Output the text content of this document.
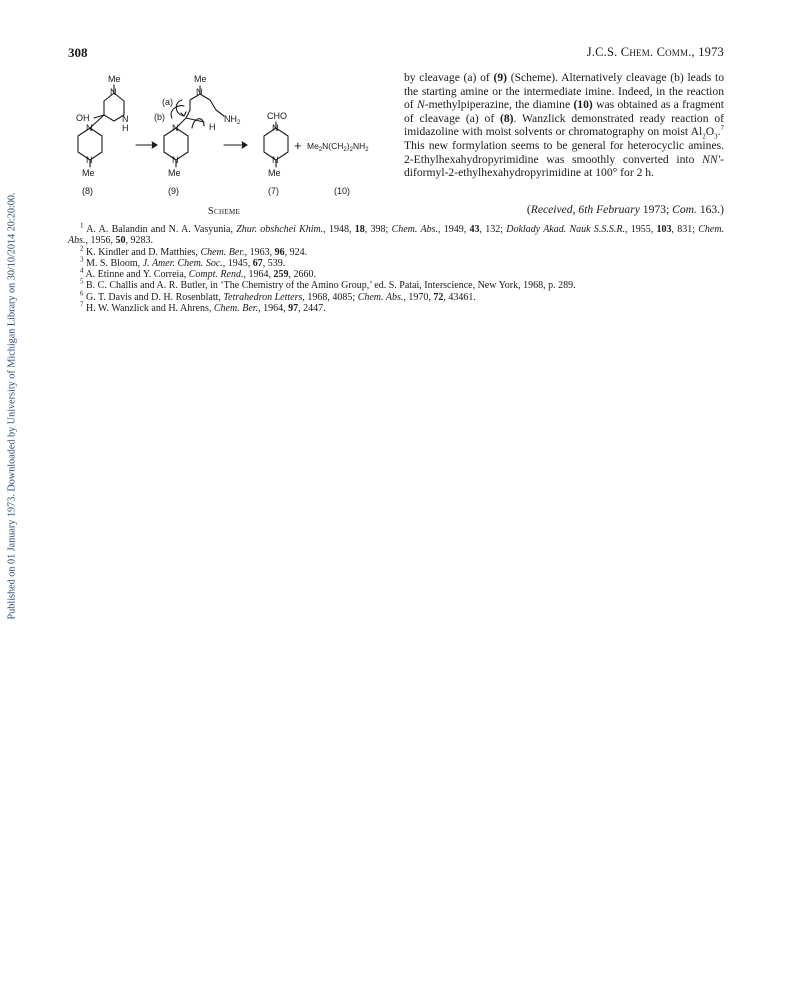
Published on 01 January 1973. Downloaded by University of Michigan Library on 30/10/2014 20:20:00.
308	J.C.S. Chem. Comm., 1973
Me
N
OH	N
H
N
N
Me
Me
N
(a)
(b)	$NH_2$
H
N
N
Me
CHO
N
N
Me
+ $Me_2N(CH_2)_2NH_2$
(8)	(9)	(7)	(10)
Scheme
by cleavage (a) of (9) (Scheme). Alternatively cleavage (b) leads to the starting amine or the intermediate imine. Indeed, in the reaction of N-methylpiperazine, the diamine (10) was obtained as a fragment of cleavage (a) of (8). Wanzlick demonstrated ready reaction of imidazoline with moist solvents or chromatography on moist $Al_2O_3.^7$ This new formylation seems to be general for heterocyclic amines. 2-Ethylhexahydropyrimidine was smoothly converted into NN′-diformyl-2-ethylhexahydropyrimidine at 100° for 2 h.
(Received, 6th February 1973; Com. 163.)

$^1$ A. A. Balandin and N. A. Vasyunia, Zhur. obshchei Khim., 1948, 18, 398; Chem. Abs., 1949, 43, 132; Doklady Akad. Nauk S.S.S.R., 1955, 103, 831; Chem. Abs., 1956, 50, 9283.

$^2$ K. Kindler and D. Matthies, Chem. Ber., 1963, 96, 924.

$^3$ M. S. Bloom, J. Amer. Chem. Soc., 1945, 67, 539.

$^4$ A. Etinne and Y. Correia, Compt. Rend., 1964, 259, 2660.

$^5$ B. C. Challis and A. R. Butler, in ‘The Chemistry of the Amino Group,’ ed. S. Patai, Interscience, New York, 1968, p. 289.

$^6$ G. T. Davis and D. H. Rosenblatt, Tetrahedron Letters, 1968, 4085; Chem. Abs., 1970, 72, 43461.

$^7$ H. W. Wanzlick and H. Ahrens, Chem. Ber., 1964, 97, 2447.
